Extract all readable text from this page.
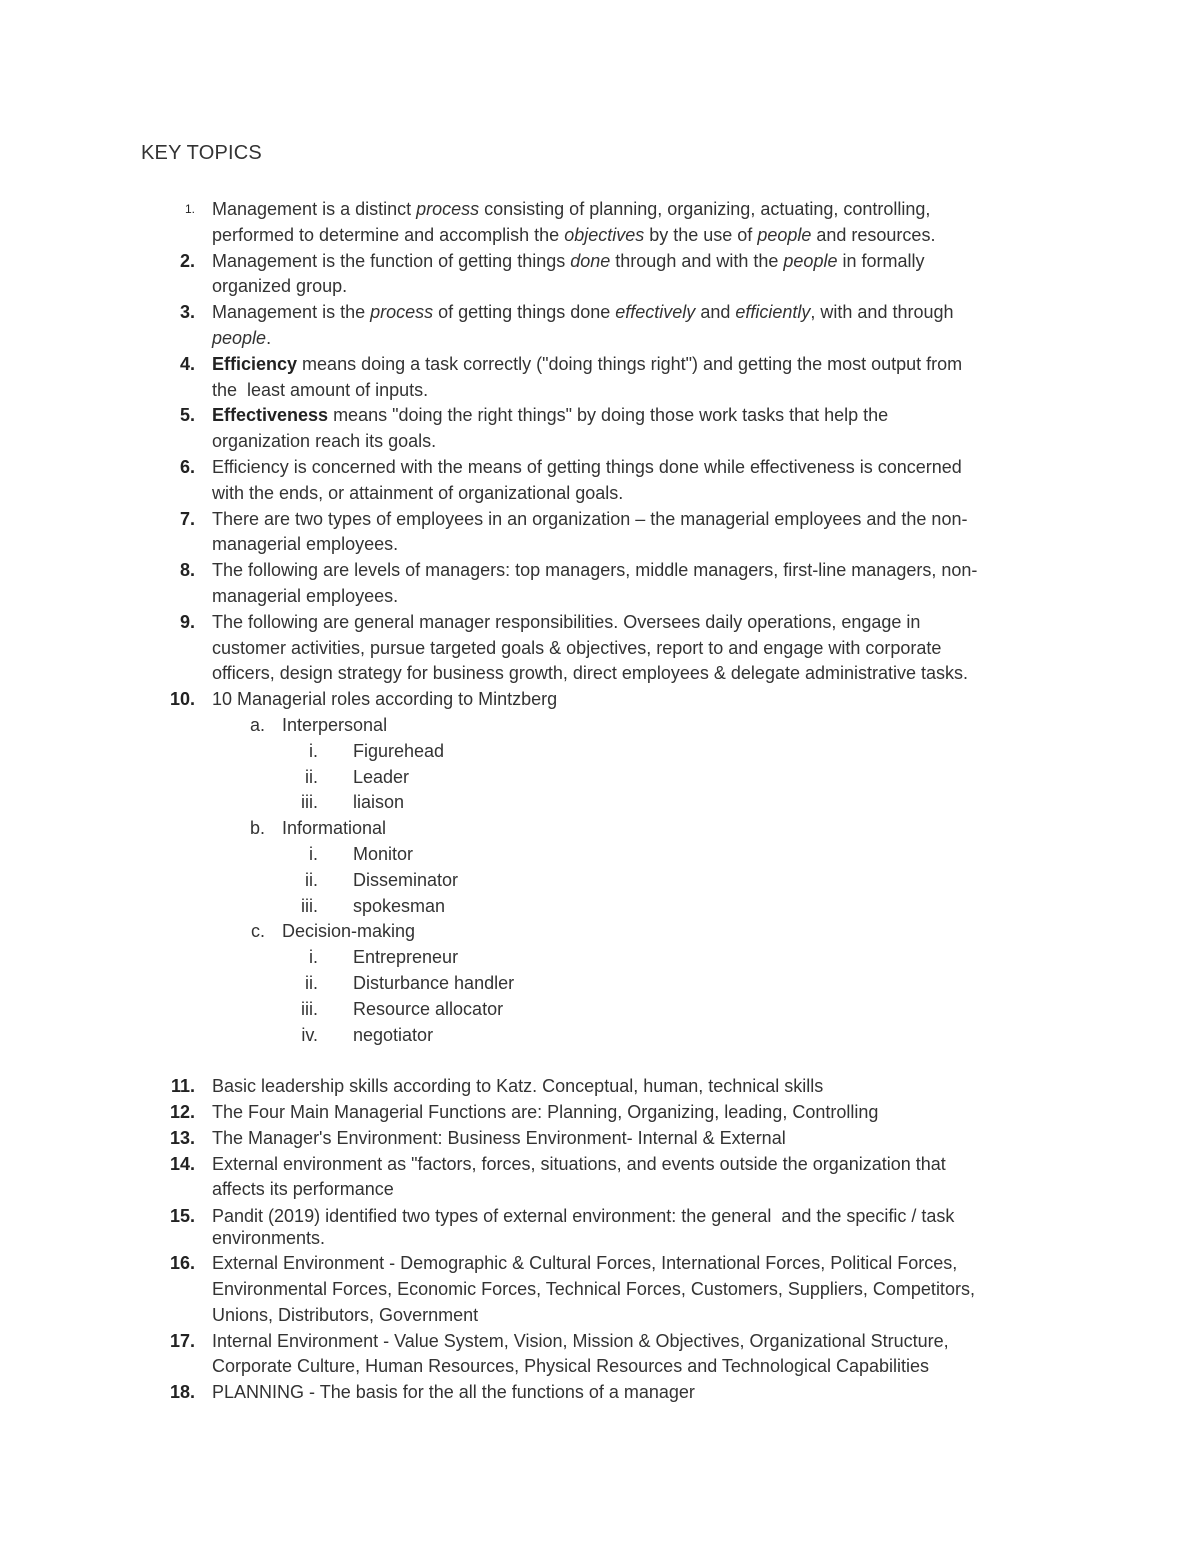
KEY TOPICS
1. Management is a distinct process consisting of planning, organizing, actuating, controlling,
performed to determine and accomplish the objectives by the use of people and resources.
2. Management is the function of getting things done through and with the people in formally
organized group.
3. Management is the process of getting things done effectively and efficiently, with and through
people.
4. Efficiency means doing a task correctly ("doing things right") and getting the most output from
the  least amount of inputs.
5. Effectiveness means "doing the right things" by doing those work tasks that help the
organization reach its goals.
6. Efficiency is concerned with the means of getting things done while effectiveness is concerned
with the ends, or attainment of organizational goals.
7. There are two types of employees in an organization – the managerial employees and the non-
managerial employees.
8. The following are levels of managers: top managers, middle managers, first-line managers, non-
managerial employees.
9. The following are general manager responsibilities. Oversees daily operations, engage in
customer activities, pursue targeted goals & objectives, report to and engage with corporate
officers, design strategy for business growth, direct employees & delegate administrative tasks.
10. 10 Managerial roles according to Mintzberg
a. Interpersonal
i. Figurehead
ii. Leader
iii. liaison
b. Informational
i. Monitor
ii. Disseminator
iii. spokesman
c. Decision-making
i. Entrepreneur
ii. Disturbance handler
iii. Resource allocator
iv. negotiator
11. Basic leadership skills according to Katz. Conceptual, human, technical skills
12. The Four Main Managerial Functions are: Planning, Organizing, leading, Controlling
13. The Manager's Environment: Business Environment- Internal & External
14. External environment as "factors, forces, situations, and events outside the organization that
affects its performance
15. Pandit (2019) identified two types of external environment: the general  and the specific / task
environments.
16. External Environment - Demographic & Cultural Forces, International Forces, Political Forces,
Environmental Forces, Economic Forces, Technical Forces, Customers, Suppliers, Competitors,
Unions, Distributors, Government
17. Internal Environment - Value System, Vision, Mission & Objectives, Organizational Structure,
Corporate Culture, Human Resources, Physical Resources and Technological Capabilities
18. PLANNING - The basis for the all the functions of a manager
